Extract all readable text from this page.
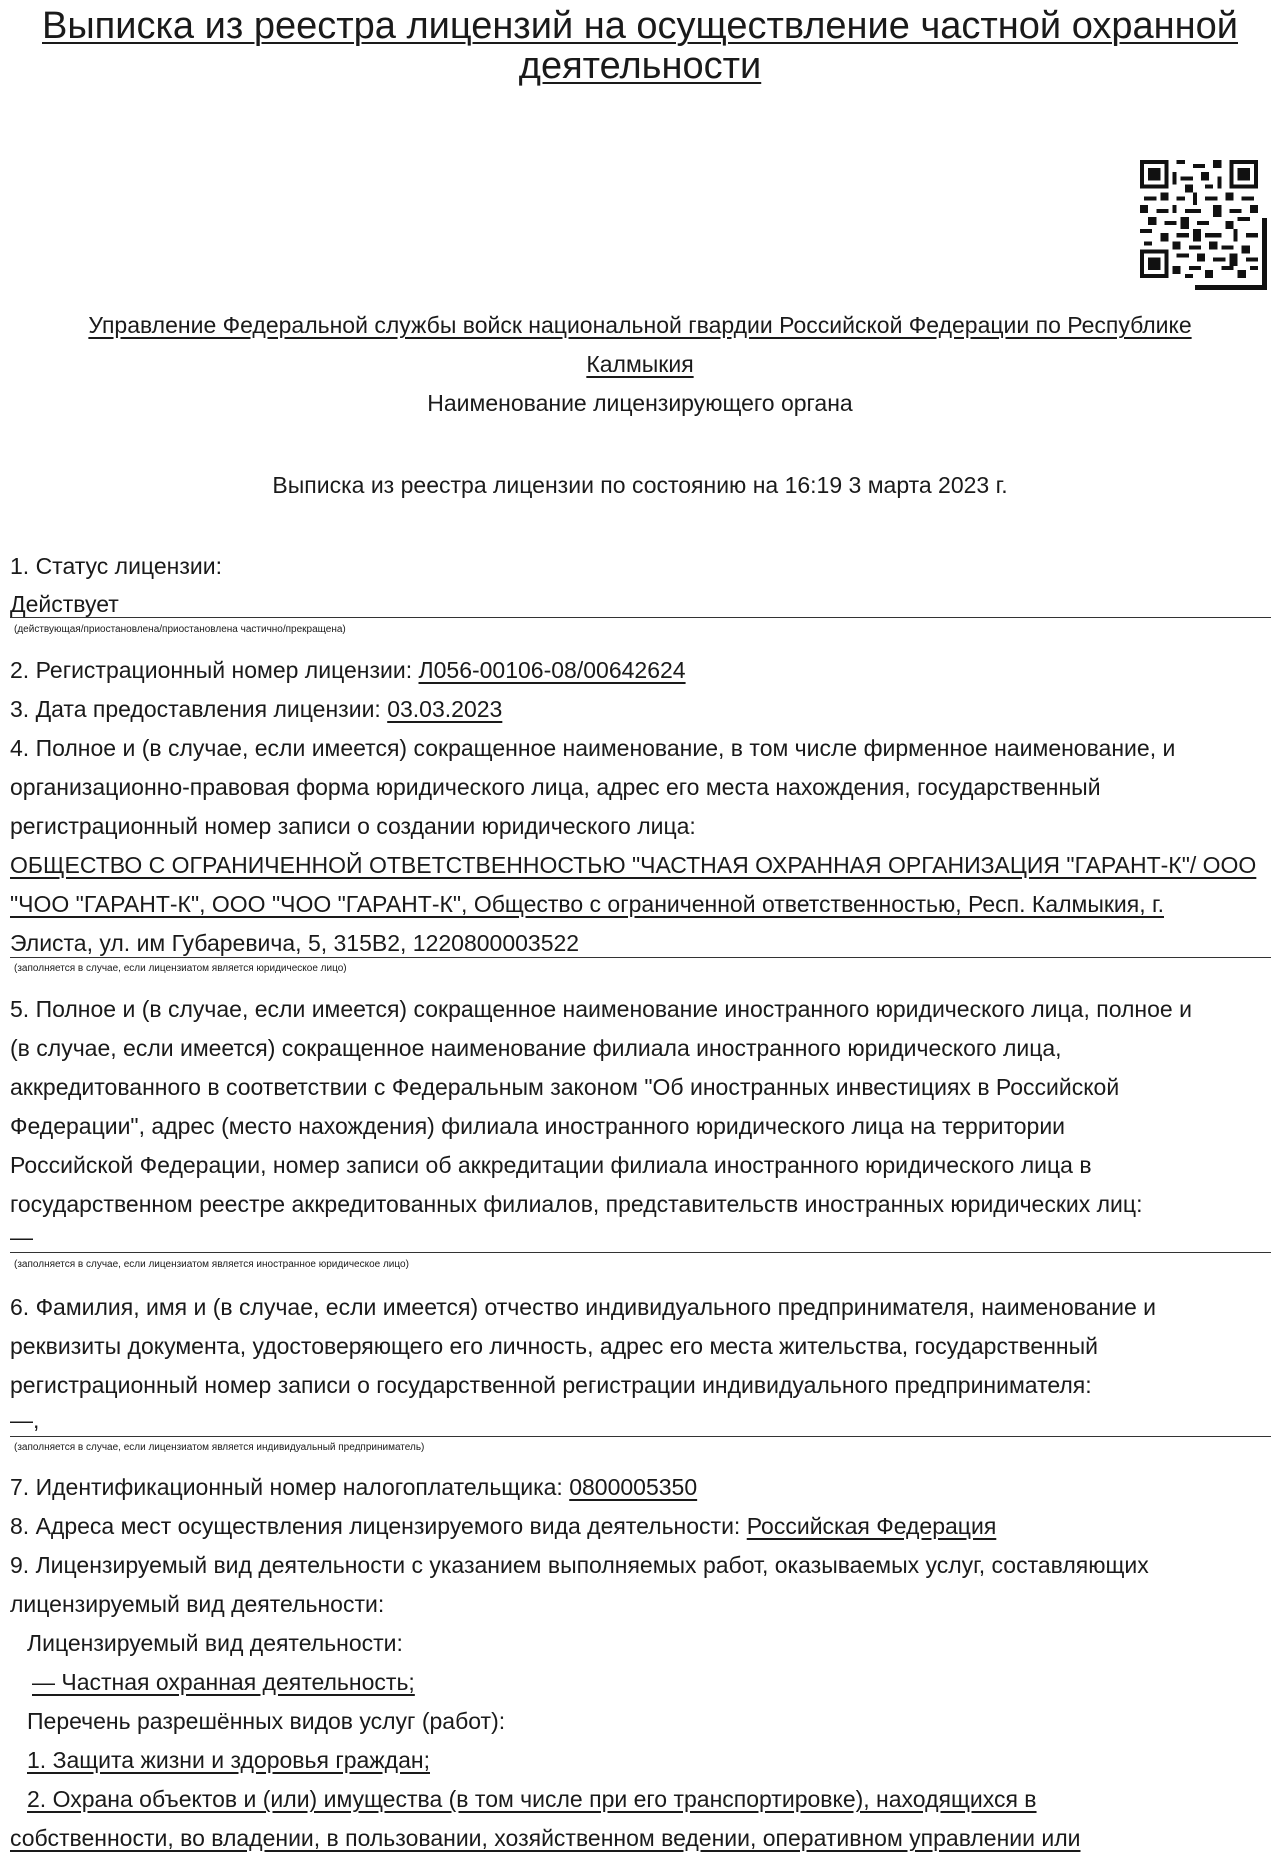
Выписка из реестра лицензий на осуществление частной охранной
деятельности
Управление Федеральной службы войск национальной гвардии Российской Федерации по Республике
Калмыкия
Наименование лицензирующего органа
Выписка из реестра лицензии по состоянию на 16:19 3 марта 2023 г.
1. Статус лицензии:
Действует
(действующая/приостановлена/приостановлена частично/прекращена)
2. Регистрационный номер лицензии: Л056-00106-08/00642624
3. Дата предоставления лицензии: 03.03.2023
4. Полное и (в случае, если имеется) сокращенное наименование, в том числе фирменное наименование, и
организационно-правовая форма юридического лица, адрес его места нахождения, государственный
регистрационный номер записи о создании юридического лица:
ОБЩЕСТВО С ОГРАНИЧЕННОЙ ОТВЕТСТВЕННОСТЬЮ "ЧАСТНАЯ ОХРАННАЯ ОРГАНИЗАЦИЯ "ГАРАНТ-К"/ ООО
"ЧОО "ГАРАНТ-К", ООО "ЧОО "ГАРАНТ-К", Общество с ограниченной ответственностью, Респ. Калмыкия, г.
Элиста, ул. им Губаревича, 5, 315В2, 1220800003522
(заполняется в случае, если лицензиатом является юридическое лицо)
5. Полное и (в случае, если имеется) сокращенное наименование иностранного юридического лица, полное и
(в случае, если имеется) сокращенное наименование филиала иностранного юридического лица,
аккредитованного в соответствии с Федеральным законом "Об иностранных инвестициях в Российской
Федерации", адрес (место нахождения) филиала иностранного юридического лица на территории
Российской Федерации, номер записи об аккредитации филиала иностранного юридического лица в
государственном реестре аккредитованных филиалов, представительств иностранных юридических лиц:
—
(заполняется в случае, если лицензиатом является иностранное юридическое лицо)
6. Фамилия, имя и (в случае, если имеется) отчество индивидуального предпринимателя, наименование и
реквизиты документа, удостоверяющего его личность, адрес его места жительства, государственный
регистрационный номер записи о государственной регистрации индивидуального предпринимателя:
—,
(заполняется в случае, если лицензиатом является индивидуальный предприниматель)
7. Идентификационный номер налогоплательщика: 0800005350
8. Адреса мест осуществления лицензируемого вида деятельности: Российская Федерация
9. Лицензируемый вид деятельности с указанием выполняемых работ, оказываемых услуг, составляющих
лицензируемый вид деятельности:
Лицензируемый вид деятельности:
— Частная охранная деятельность;
Перечень разрешённых видов услуг (работ):
1. Защита жизни и здоровья граждан;
2. Охрана объектов и (или) имущества (в том числе при его транспортировке), находящихся в
собственности, во владении, в пользовании, хозяйственном ведении, оперативном управлении или
